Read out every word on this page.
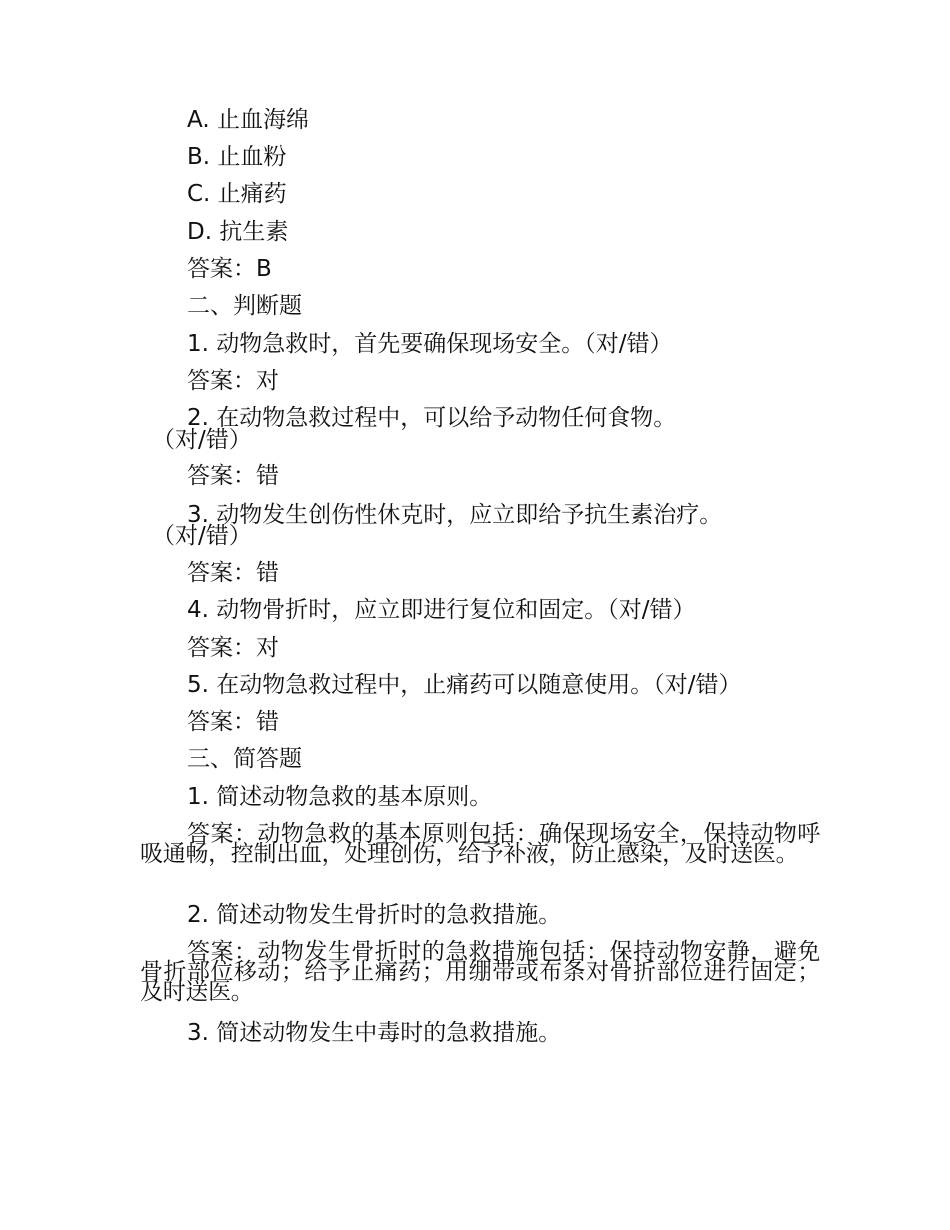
A. 止血海绵
B. 止血粉
C. 止痛药
D. 抗生素
答案：B
二、判断题
1. 动物急救时，首先要确保现场安全。（对/错）
答案：对
2. 在动物急救过程中，可以给予动物任何食物。
（对/错）
答案：错
3. 动物发生创伤性休克时，应立即给予抗生素治疗。
（对/错）
答案：错
4. 动物骨折时，应立即进行复位和固定。（对/错）
答案：对
5. 在动物急救过程中，止痛药可以随意使用。（对/错）
答案：错
三、简答题
1. 简述动物急救的基本原则。
答案：动物急救的基本原则包括：确保现场安全，保持动物呼吸通畅，控制出血，处理创伤，给予补液，防止感染，及时送医。
2. 简述动物发生骨折时的急救措施。
答案：动物发生骨折时的急救措施包括：保持动物安静，避免骨折部位移动；给予止痛药；用绷带或布条对骨折部位进行固定；及时送医。
3. 简述动物发生中毒时的急救措施。
